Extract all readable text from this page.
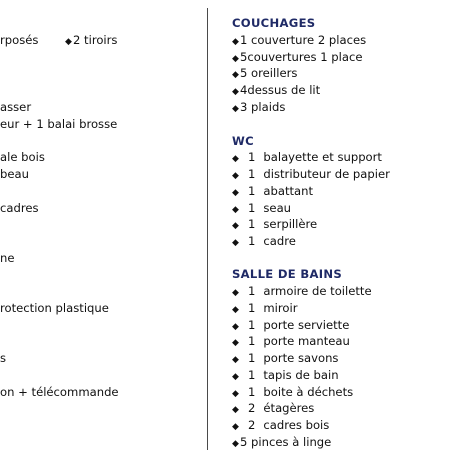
rposés	◆2 tiroirs
asser
eur + 1 balai brosse
ale bois
beau
cadres
ne
rotection plastique
s
on + télécommande
COUCHAGES
◆1 couverture 2 places
◆5couvertures 1 place
◆5 oreillers
◆4dessus de lit
◆3 plaids
WC
◆ 1 balayette et support
◆ 1 distributeur de papier
◆ 1 abattant
◆ 1 seau
◆ 1 serpillère
◆ 1 cadre
SALLE DE BAINS
◆ 1 armoire de toilette
◆ 1 miroir
◆ 1 porte serviette
◆ 1 porte manteau
◆ 1 porte savons
◆ 1 tapis de bain
◆ 1 boite à déchets
◆ 2 étagères
◆ 2 cadres bois
◆5 pinces à linge
